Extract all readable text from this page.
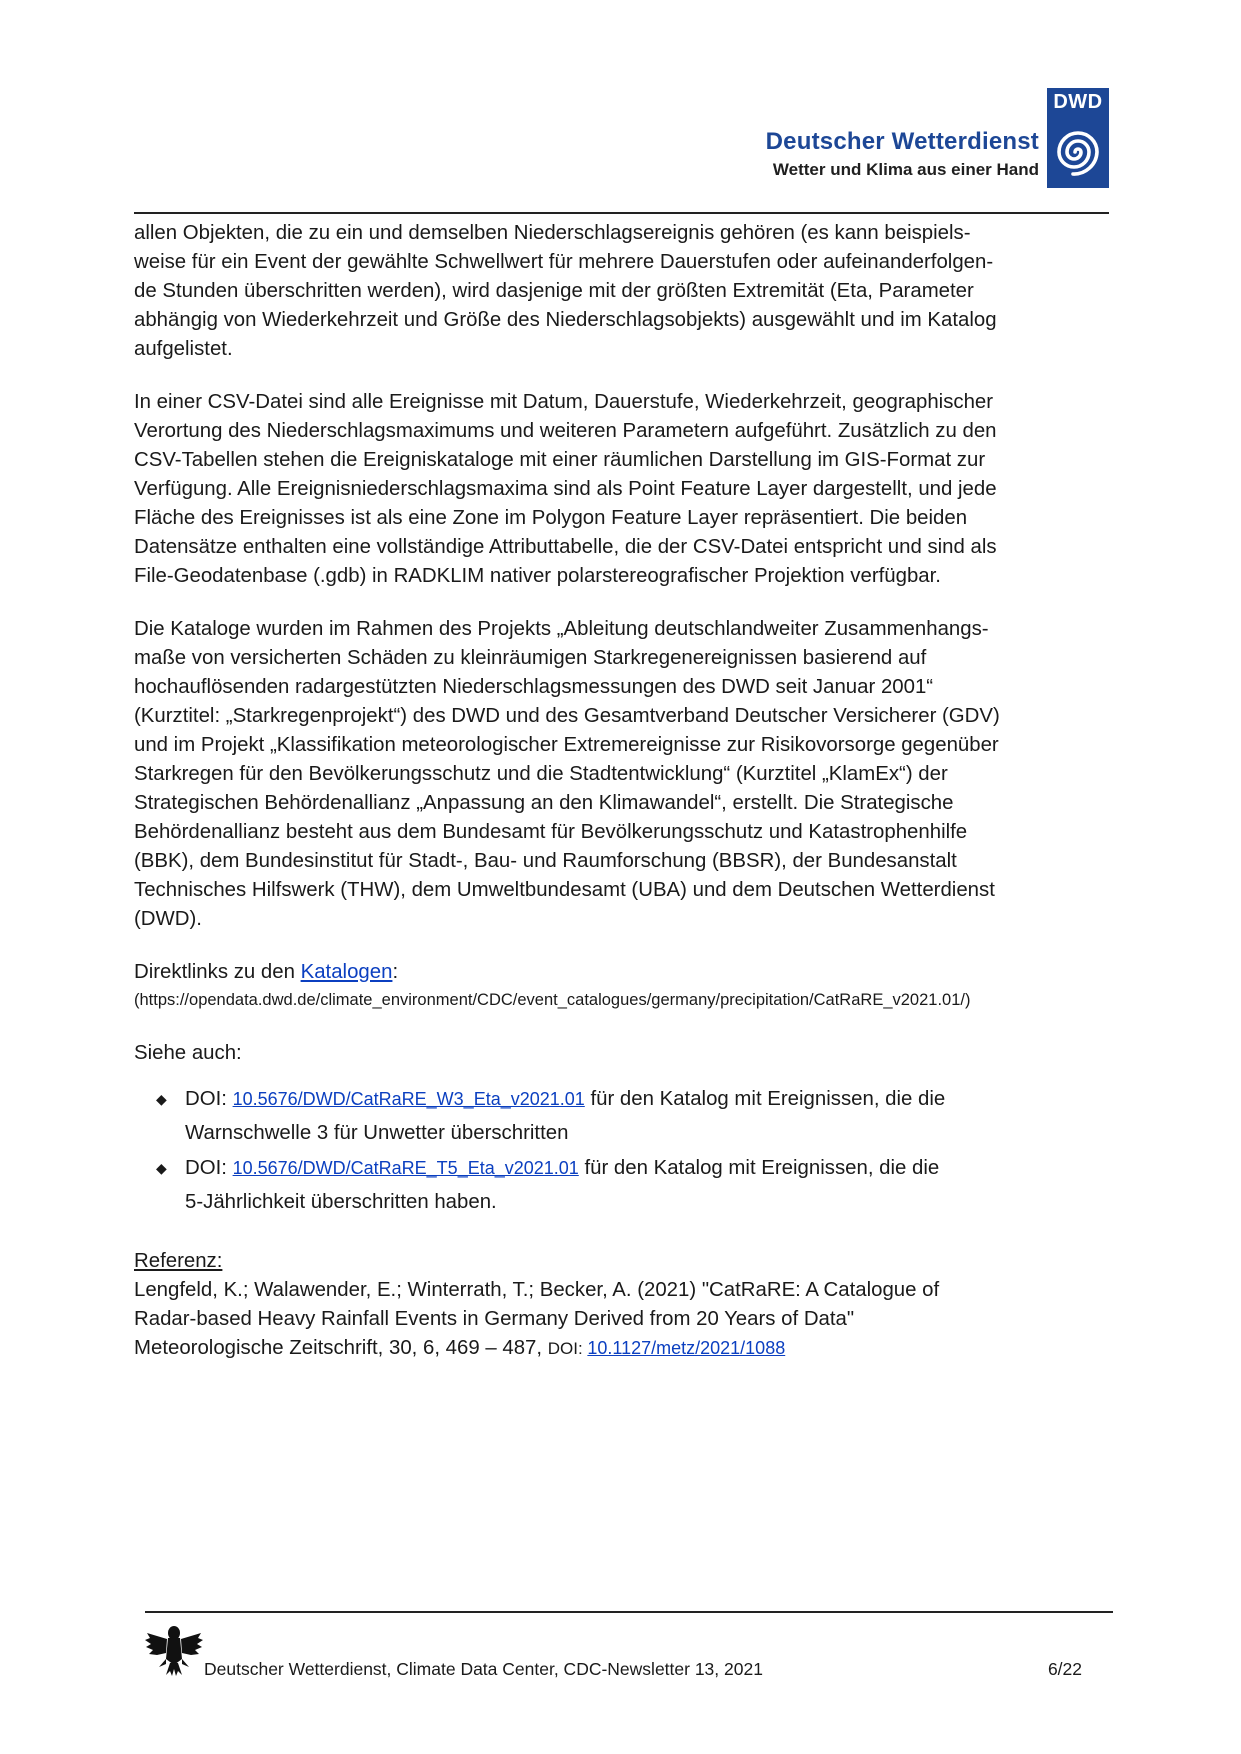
Deutscher Wetterdienst
Wetter und Klima aus einer Hand
DWD

allen Objekten, die zu ein und demselben Niederschlagsereignis gehören (es kann beispiels-
weise für ein Event der gewählte Schwellwert für mehrere Dauerstufen oder aufeinanderfolgen-
de Stunden überschritten werden), wird dasjenige mit der größten Extremität (Eta, Parameter
abhängig von Wiederkehrzeit und Größe des Niederschlagsobjekts) ausgewählt und im Katalog
aufgelistet.

In einer CSV-Datei sind alle Ereignisse mit Datum, Dauerstufe, Wiederkehrzeit, geographischer
Verortung des Niederschlagsmaximums und weiteren Parametern aufgeführt. Zusätzlich zu den
CSV-Tabellen stehen die Ereigniskataloge mit einer räumlichen Darstellung im GIS-Format zur
Verfügung. Alle Ereignisniederschlagsmaxima sind als Point Feature Layer dargestellt, und jede
Fläche des Ereignisses ist als eine Zone im Polygon Feature Layer repräsentiert. Die beiden
Datensätze enthalten eine vollständige Attributtabelle, die der CSV-Datei entspricht und sind als
File-Geodatenbase (.gdb) in RADKLIM nativer polarstereografischer Projektion verfügbar.

Die Kataloge wurden im Rahmen des Projekts „Ableitung deutschlandweiter Zusammenhangs-
maße von versicherten Schäden zu kleinräumigen Starkregenereignissen basierend auf
hochauflösenden radargestützten Niederschlagsmessungen des DWD seit Januar 2001“
(Kurztitel: „Starkregenprojekt“) des DWD und des Gesamtverband Deutscher Versicherer (GDV)
und im Projekt „Klassifikation meteorologischer Extremereignisse zur Risikovorsorge gegenüber
Starkregen für den Bevölkerungsschutz und die Stadtentwicklung“ (Kurztitel „KlamEx“) der
Strategischen Behördenallianz „Anpassung an den Klimawandel“, erstellt. Die Strategische
Behördenallianz besteht aus dem Bundesamt für Bevölkerungsschutz und Katastrophenhilfe
(BBK), dem Bundesinstitut für Stadt-, Bau- und Raumforschung (BBSR), der Bundesanstalt
Technisches Hilfswerk (THW), dem Umweltbundesamt (UBA) und dem Deutschen Wetterdienst
(DWD).

Direktlinks zu den Katalogen:
(https://opendata.dwd.de/climate_environment/CDC/event_catalogues/germany/precipitation/CatRaRE_v2021.01/)
Siehe auch:
◆ DOI: 10.5676/DWD/CatRaRE_W3_Eta_v2021.01 für den Katalog mit Ereignissen, die die
Warnschwelle 3 für Unwetter überschritten
◆ DOI: 10.5676/DWD/CatRaRE_T5_Eta_v2021.01 für den Katalog mit Ereignissen, die die
5-Jährlichkeit überschritten haben.
Referenz:
Lengfeld, K.; Walawender, E.; Winterrath, T.; Becker, A. (2021) "CatRaRE: A Catalogue of
Radar-based Heavy Rainfall Events in Germany Derived from 20 Years of Data"
Meteorologische Zeitschrift, 30, 6, 469 – 487, DOI: 10.1127/metz/2021/1088
Deutscher Wetterdienst, Climate Data Center, CDC-Newsletter 13, 2021	6/22
